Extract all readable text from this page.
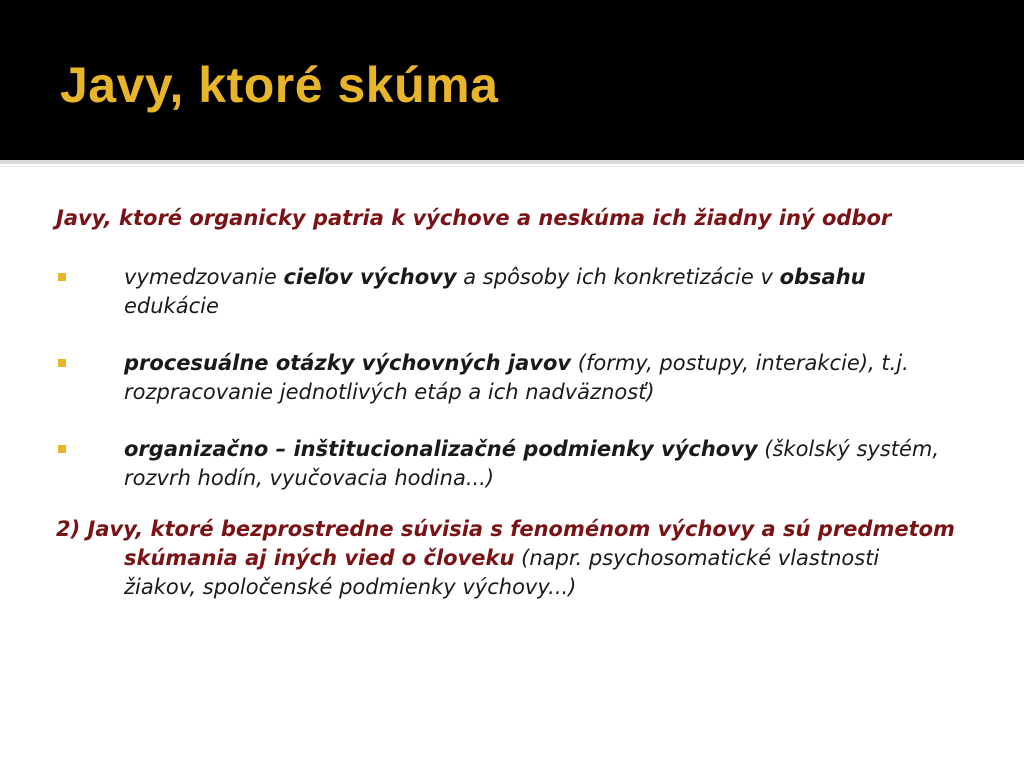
Javy, ktoré skúma
Javy, ktoré organicky patria k výchove a neskúma ich žiadny iný odbor
vymedzovanie cieľov výchovy a spôsoby ich konkretizácie v obsahu
edukácie
procesuálne otázky výchovných javov (formy, postupy, interakcie), t.j.
rozpracovanie jednotlivých etáp a ich nadväznosť)
organizačno – inštitucionalizačné podmienky výchovy (školský systém,
rozvrh hodín, vyučovacia hodina...)
2) Javy, ktoré bezprostredne súvisia s fenoménom výchovy a sú predmetom
skúmania aj iných vied o človeku (napr. psychosomatické vlastnosti
žiakov, spoločenské podmienky výchovy...)
